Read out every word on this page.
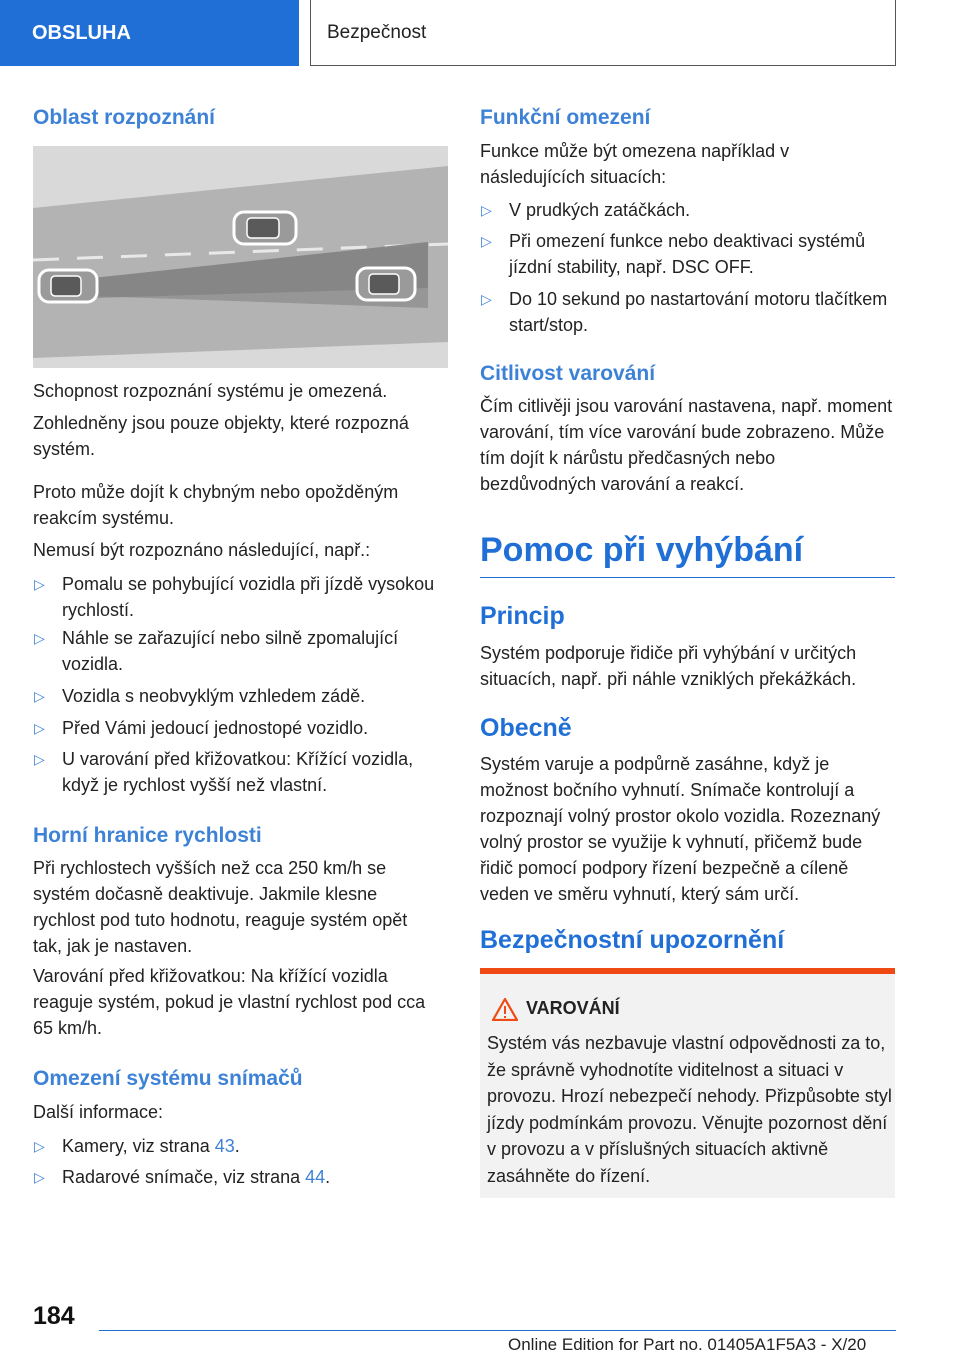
OBSLUHA	Bezpečnost
Oblast rozpoznání
Schopnost rozpoznání systému je omezená.
Zohledněny jsou pouze objekty, které rozpozná systém.
Proto může dojít k chybným nebo opožděným reakcím systému.
Nemusí být rozpoznáno následující, např.:
▷ Pomalu se pohybující vozidla při jízdě vysokou rychlostí.
▷ Náhle se zařazující nebo silně zpomalující vozidla.
▷ Vozidla s neobvyklým vzhledem zádě.
▷ Před Vámi jedoucí jednostopé vozidlo.
▷ U varování před křižovatkou: Křížící vozidla, když je rychlost vyšší než vlastní.
Horní hranice rychlosti
Při rychlostech vyšších než cca 250 km/h se systém dočasně deaktivuje. Jakmile klesne rychlost pod tuto hodnotu, reaguje systém opět tak, jak je nastaven.
Varování před křižovatkou: Na křížící vozidla reaguje systém, pokud je vlastní rychlost pod cca 65 km/h.
Omezení systému snímačů
Další informace:
▷ Kamery, viz strana 43.
▷ Radarové snímače, viz strana 44.
Funkční omezení
Funkce může být omezena například v následujících situacích:
▷ V prudkých zatáčkách.
▷ Při omezení funkce nebo deaktivaci systémů jízdní stability, např. DSC OFF.
▷ Do 10 sekund po nastartování motoru tlačítkem start/stop.
Citlivost varování
Čím citlivěji jsou varování nastavena, např. moment varování, tím více varování bude zobrazeno. Může tím dojít k nárůstu předčasných nebo bezdůvodných varování a reakcí.
Pomoc při vyhýbání
Princip
Systém podporuje řidiče při vyhýbání v určitých situacích, např. při náhle vzniklých překážkách.
Obecně
Systém varuje a podpůrně zasáhne, když je možnost bočního vyhnutí. Snímače kontrolují a rozpoznají volný prostor okolo vozidla. Rozeznaný volný prostor se využije k vyhnutí, přičemž bude řidič pomocí podpory řízení bezpečně a cíleně veden ve směru vyhnutí, který sám určí.
Bezpečnostní upozornění
VAROVÁNÍ
Systém vás nezbavuje vlastní odpovědnosti za to, že správně vyhodnotíte viditelnost a situaci v provozu. Hrozí nebezpečí nehody. Přizpůsobte styl jízdy podmínkám provozu. Věnujte pozornost dění v provozu a v příslušných situacích aktivně zasáhněte do řízení.
184
Online Edition for Part no. 01405A1F5A3 - X/20
